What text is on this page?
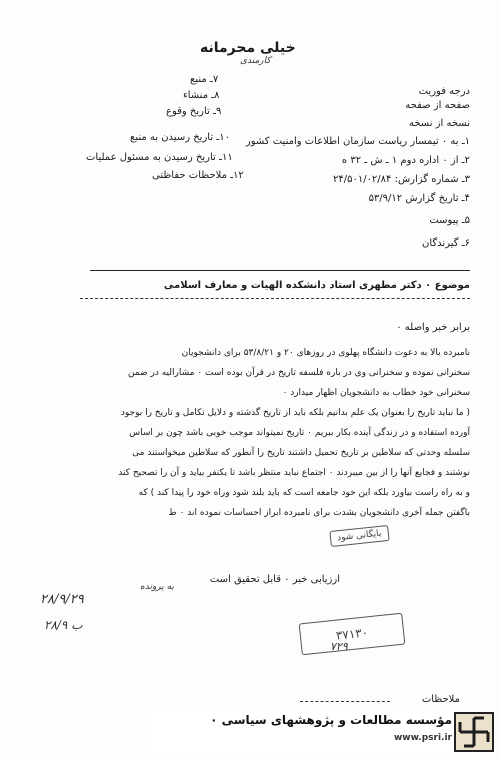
خیلی محرمانه
کارمندی
درجه فوریت
صفحه از صفحه
نسخه از نسخه
۱ـ به ٠ تیمسار ریاست سازمان اطلاعات وامنیت کشور
۲ـ از ٠ اداره دوم ۱ ـ ش ـ ۳۲ ه
۳ـ شماره گزارش: ۲۴/۵۰۱/۰۲/۸۴
۴ـ تاریخ گزارش ۵۳/۹/۱۲
۵ـ پیوست
۶ـ گیرندگان
۷ـ منبع
۸ـ منشاء
۹ـ تاریخ وقوع
۱۰ـ تاریخ رسیدن به منبع
۱۱ـ تاریخ رسیدن به مسئول عملیات
۱۲ـ ملاحظات حفاظتی
موضوع ٠ دکتر مطهری استاد دانشکده الهیات و معارف اسلامی
برابر خبر واصله ٠
نامبرده بالا به دعوت دانشگاه پهلوی در روزهای ۲۰ و ۵۳/۸/۲۱ برای دانشجویان
سخنرانی نموده و سخنرانی وی در باره فلسفه تاریخ در قرآن بوده است ٠ مشارالیه در ضمن
سخنرانی خود خطاب به دانشجویان اظهار میدارد ٠
( ما نباید تاریخ را بعنوان یک علم بدانیم بلکه باید از تاریخ گذشته و دلایل تکامل و تاریخ را بوجود
آورده استفاده و در زندگی آینده بکار ببریم ٠ تاریخ نمیتواند موجب خوبی باشد چون بر اساس
سلسله وحدتی که سلاطین بر تاریخ تحمیل داشتند تاریخ را آنطور که سلاطین میخواستند می
نوشتند و فجایع آنها را از بین میبردند ٠ اجتماع نباید منتظر باشد تا یکنفر بیاید و آن را تصحیح کند
و به راه راست بیاورد بلکه این خود جامعه است که باید بلند شود وراه خود را پیدا کند ) که
باگفتن جمله آخری دانشجویان بشدت برای نامبرده ابراز احساسات نموده اند ٠ ط
بایگانی شود
ارزیابی خبر ٠ قابل تحقیق است
۲۸/۹/۲۹
به پرونده
ب ۲۸/۹
۳۷۱۳۰
۷۲۹
ملاحظات
مؤسسه مطالعات و پژوهشهای سیاسی ٠
www.psri.ir
